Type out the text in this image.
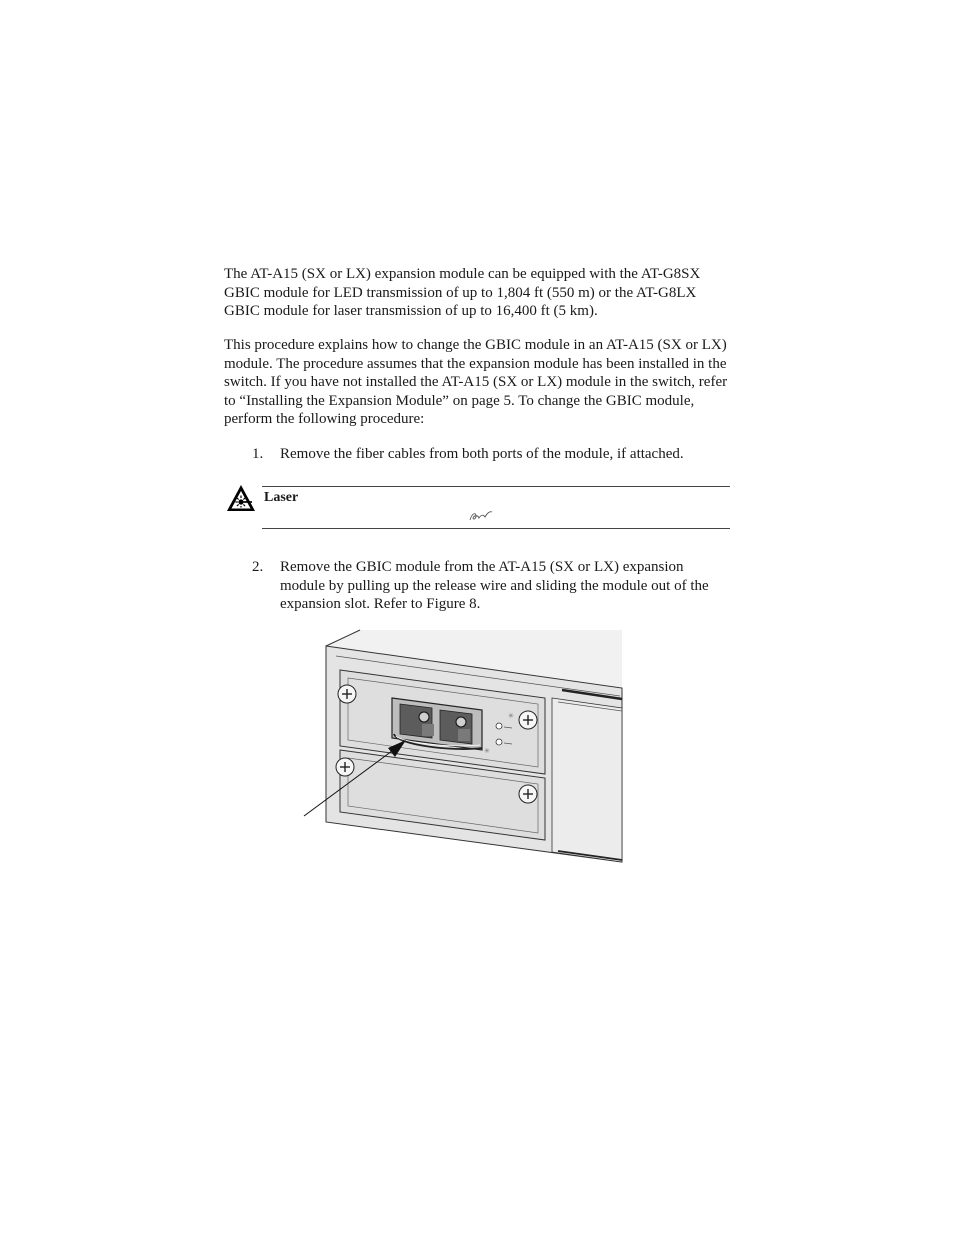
The AT-A15 (SX or LX) expansion module can be equipped with the AT-G8SX GBIC module for LED transmission of up to 1,804 ft (550 m) or the AT-G8LX GBIC module for laser transmission of up to 16,400 ft (5 km).

This procedure explains how to change the GBIC module in an AT-A15 (SX or LX) module. The procedure assumes that the expansion module has been installed in the switch. If you have not installed the AT-A15 (SX or LX) module in the switch, refer to “Installing the Expansion Module” on page 5. To change the GBIC module, perform the following procedure:

1. Remove the fiber cables from both ports of the module, if attached.
Laser
2. Remove the GBIC module from the AT-A15 (SX or LX) expansion module by pulling up the release wire and sliding the module out of the expansion slot. Refer to Figure 8.
✳
✳
